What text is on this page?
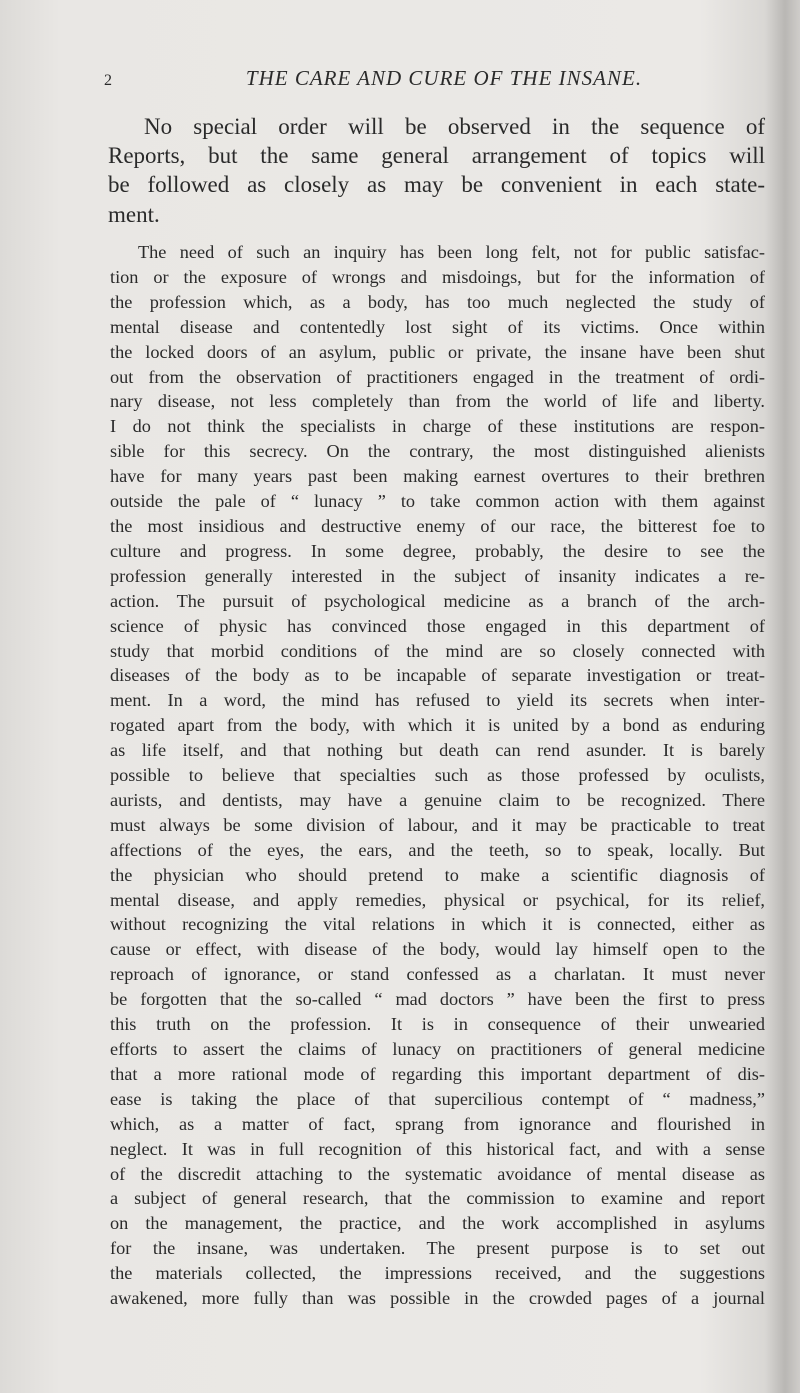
2	THE CARE AND CURE OF THE INSANE.
No special order will be observed in the sequence of
Reports, but the same general arrangement of topics will
be followed as closely as may be convenient in each state-
ment.
The need of such an inquiry has been long felt, not for public satisfac-
tion or the exposure of wrongs and misdoings, but for the information of
the profession which, as a body, has too much neglected the study of
mental disease and contentedly lost sight of its victims. Once within
the locked doors of an asylum, public or private, the insane have been shut
out from the observation of practitioners engaged in the treatment of ordi-
nary disease, not less completely than from the world of life and liberty.
I do not think the specialists in charge of these institutions are respon-
sible for this secrecy. On the contrary, the most distinguished alienists
have for many years past been making earnest overtures to their brethren
outside the pale of “ lunacy ” to take common action with them against
the most insidious and destructive enemy of our race, the bitterest foe to
culture and progress. In some degree, probably, the desire to see the
profession generally interested in the subject of insanity indicates a re-
action. The pursuit of psychological medicine as a branch of the arch-
science of physic has convinced those engaged in this department of
study that morbid conditions of the mind are so closely connected with
diseases of the body as to be incapable of separate investigation or treat-
ment. In a word, the mind has refused to yield its secrets when inter-
rogated apart from the body, with which it is united by a bond as enduring
as life itself, and that nothing but death can rend asunder. It is barely
possible to believe that specialties such as those professed by oculists,
aurists, and dentists, may have a genuine claim to be recognized. There
must always be some division of labour, and it may be practicable to treat
affections of the eyes, the ears, and the teeth, so to speak, locally. But
the physician who should pretend to make a scientific diagnosis of
mental disease, and apply remedies, physical or psychical, for its relief,
without recognizing the vital relations in which it is connected, either as
cause or effect, with disease of the body, would lay himself open to the
reproach of ignorance, or stand confessed as a charlatan. It must never
be forgotten that the so-called “ mad doctors ” have been the first to press
this truth on the profession. It is in consequence of their unwearied
efforts to assert the claims of lunacy on practitioners of general medicine
that a more rational mode of regarding this important department of dis-
ease is taking the place of that supercilious contempt of “ madness,”
which, as a matter of fact, sprang from ignorance and flourished in
neglect. It was in full recognition of this historical fact, and with a sense
of the discredit attaching to the systematic avoidance of mental disease as
a subject of general research, that the commission to examine and report
on the management, the practice, and the work accomplished in asylums
for the insane, was undertaken. The present purpose is to set out
the materials collected, the impressions received, and the suggestions
awakened, more fully than was possible in the crowded pages of a journal
